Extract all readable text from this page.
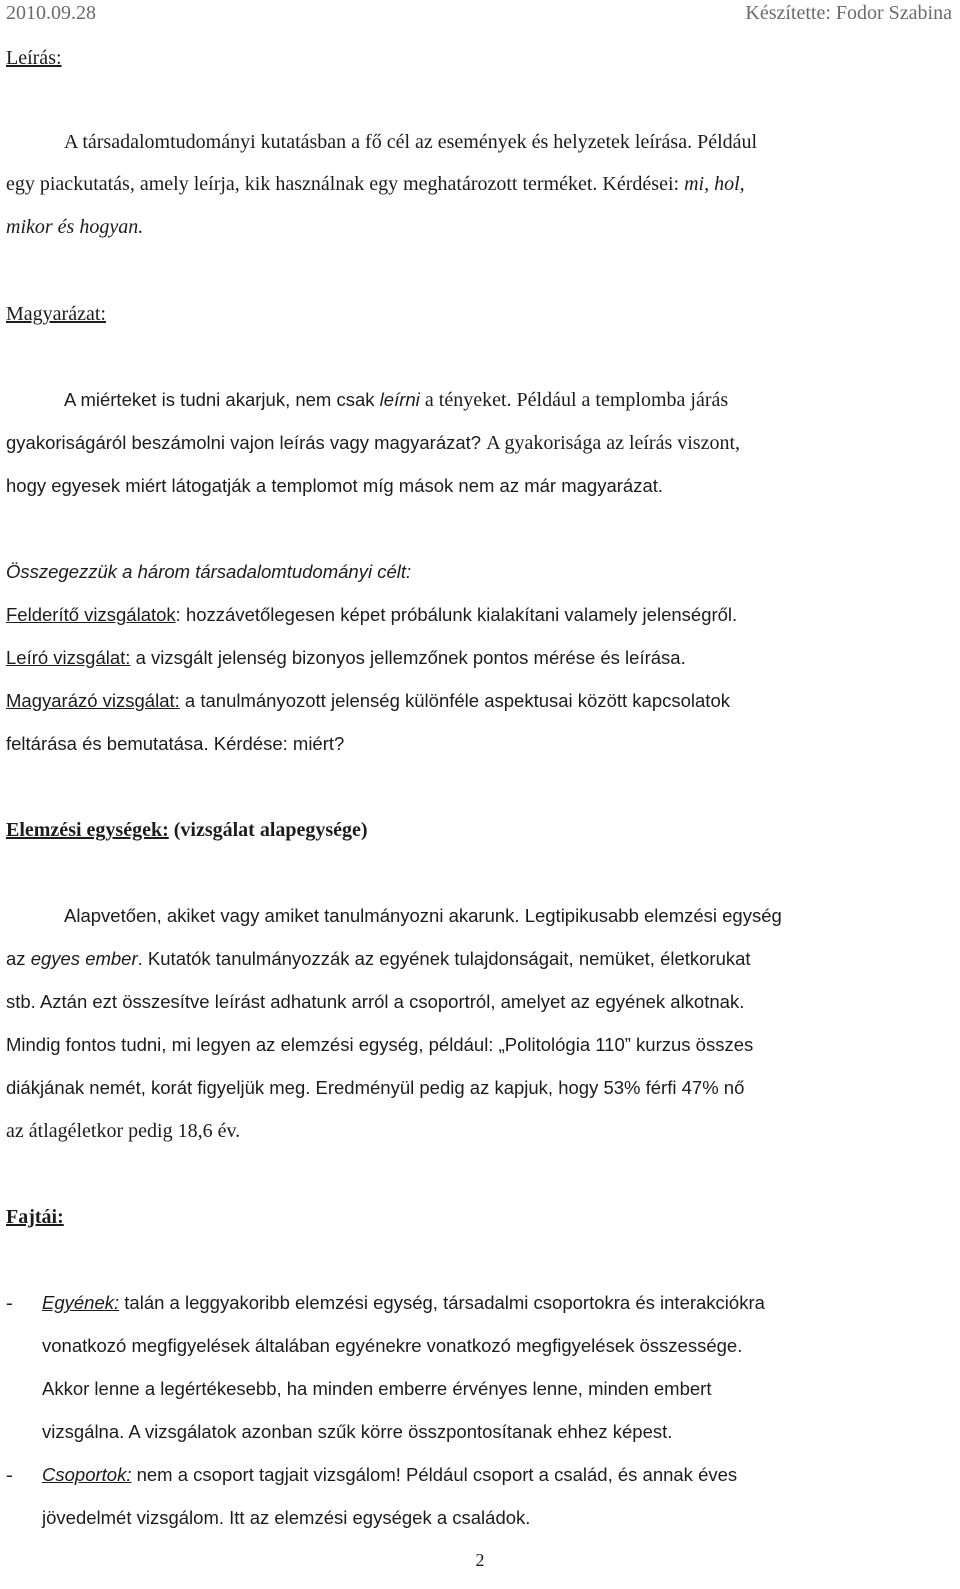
2010.09.28	Készítette: Fodor Szabina
Leírás:
A társadalomtudományi kutatásban a fő cél az események és helyzetek leírása. Például
egy piackutatás, amely leírja, kik használnak egy meghatározott terméket. Kérdései: mi, hol,
mikor és hogyan.
Magyarázat:
A miérteket is tudni akarjuk, nem csak leírni a tényeket. Például a templomba járás
gyakoriságáról beszámolni vajon leírás vagy magyarázat? A gyakorisága az leírás viszont,
hogy egyesek miért látogatják a templomot míg mások nem az már magyarázat.
Összegezzük a három társadalomtudományi célt:
Felderítő vizsgálatok: hozzávetőlegesen képet próbálunk kialakítani valamely jelenségről.
Leíró vizsgálat: a vizsgált jelenség bizonyos jellemzőnek pontos mérése és leírása.
Magyarázó vizsgálat: a tanulmányozott jelenség különféle aspektusai között kapcsolatok
feltárása és bemutatása. Kérdése: miért?
Elemzési egységek: (vizsgálat alapegysége)
Alapvetően, akiket vagy amiket tanulmányozni akarunk. Legtipikusabb elemzési egység
az egyes ember. Kutatók tanulmányozzák az egyének tulajdonságait, nemüket, életkorukat
stb. Aztán ezt összesítve leírást adhatunk arról a csoportról, amelyet az egyének alkotnak.
Mindig fontos tudni, mi legyen az elemzési egység, például: „Politológia 110” kurzus összes
diákjának nemét, korát figyeljük meg. Eredményül pedig az kapjuk, hogy 53% férfi 47% nő
az átlagéletkor pedig 18,6 év.
Fajtái:
- Egyének: talán a leggyakoribb elemzési egység, társadalmi csoportokra és interakciókra
vonatkozó megfigyelések általában egyénekre vonatkozó megfigyelések összessége.
Akkor lenne a legértékesebb, ha minden emberre érvényes lenne, minden embert
vizsgálna. A vizsgálatok azonban szűk körre összpontosítanak ehhez képest.
- Csoportok: nem a csoport tagjait vizsgálom! Például csoport a család, és annak éves
jövedelmét vizsgálom. Itt az elemzési egységek a családok.
2
